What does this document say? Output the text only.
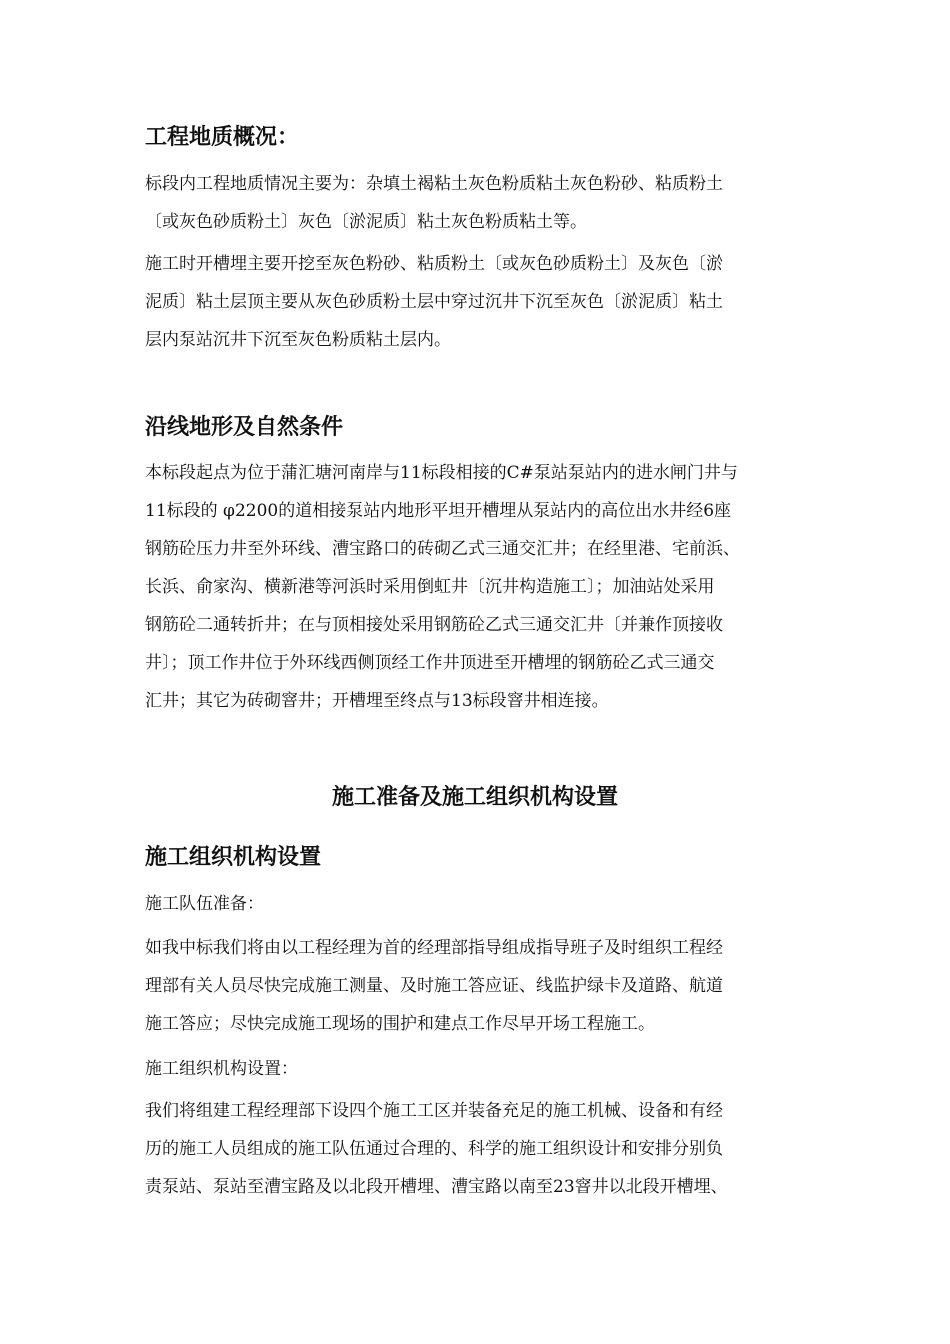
工程地质概况：
标段内工程地质情况主要为：杂填土褐粘土灰色粉质粘土灰色粉砂、粘质粉土
〔或灰色砂质粉土〕灰色〔淤泥质〕粘土灰色粉质粘土等。
施工时开槽埋主要开挖至灰色粉砂、粘质粉土〔或灰色砂质粉土〕及灰色〔淤
泥质〕粘土层顶主要从灰色砂质粉土层中穿过沉井下沉至灰色〔淤泥质〕粘土
层内泵站沉井下沉至灰色粉质粘土层内。
沿线地形及自然条件
本标段起点为位于蒲汇塘河南岸与11标段相接的C#泵站泵站内的进水闸门井与
11标段的 φ2200的道相接泵站内地形平坦开槽埋从泵站内的高位出水井经6座
钢筋砼压力井至外环线、漕宝路口的砖砌乙式三通交汇井；在经里港、宅前浜、
长浜、俞家沟、横新港等河浜时采用倒虹井〔沉井构造施工〕；加油站处采用
钢筋砼二通转折井；在与顶相接处采用钢筋砼乙式三通交汇井〔并兼作顶接收
井〕；顶工作井位于外环线西侧顶经工作井顶进至开槽埋的钢筋砼乙式三通交
汇井；其它为砖砌窨井；开槽埋至终点与13标段窨井相连接。
施工准备及施工组织机构设置
施工组织机构设置
施工队伍准备：
如我中标我们将由以工程经理为首的经理部指导组成指导班子及时组织工程经
理部有关人员尽快完成施工测量、及时施工答应证、线监护绿卡及道路、航道
施工答应；尽快完成施工现场的围护和建点工作尽早开场工程施工。
施工组织机构设置：
我们将组建工程经理部下设四个施工工区并装备充足的施工机械、设备和有经
历的施工人员组成的施工队伍通过合理的、科学的施工组织设计和安排分别负
责泵站、泵站至漕宝路及以北段开槽埋、漕宝路以南至23窨井以北段开槽埋、
